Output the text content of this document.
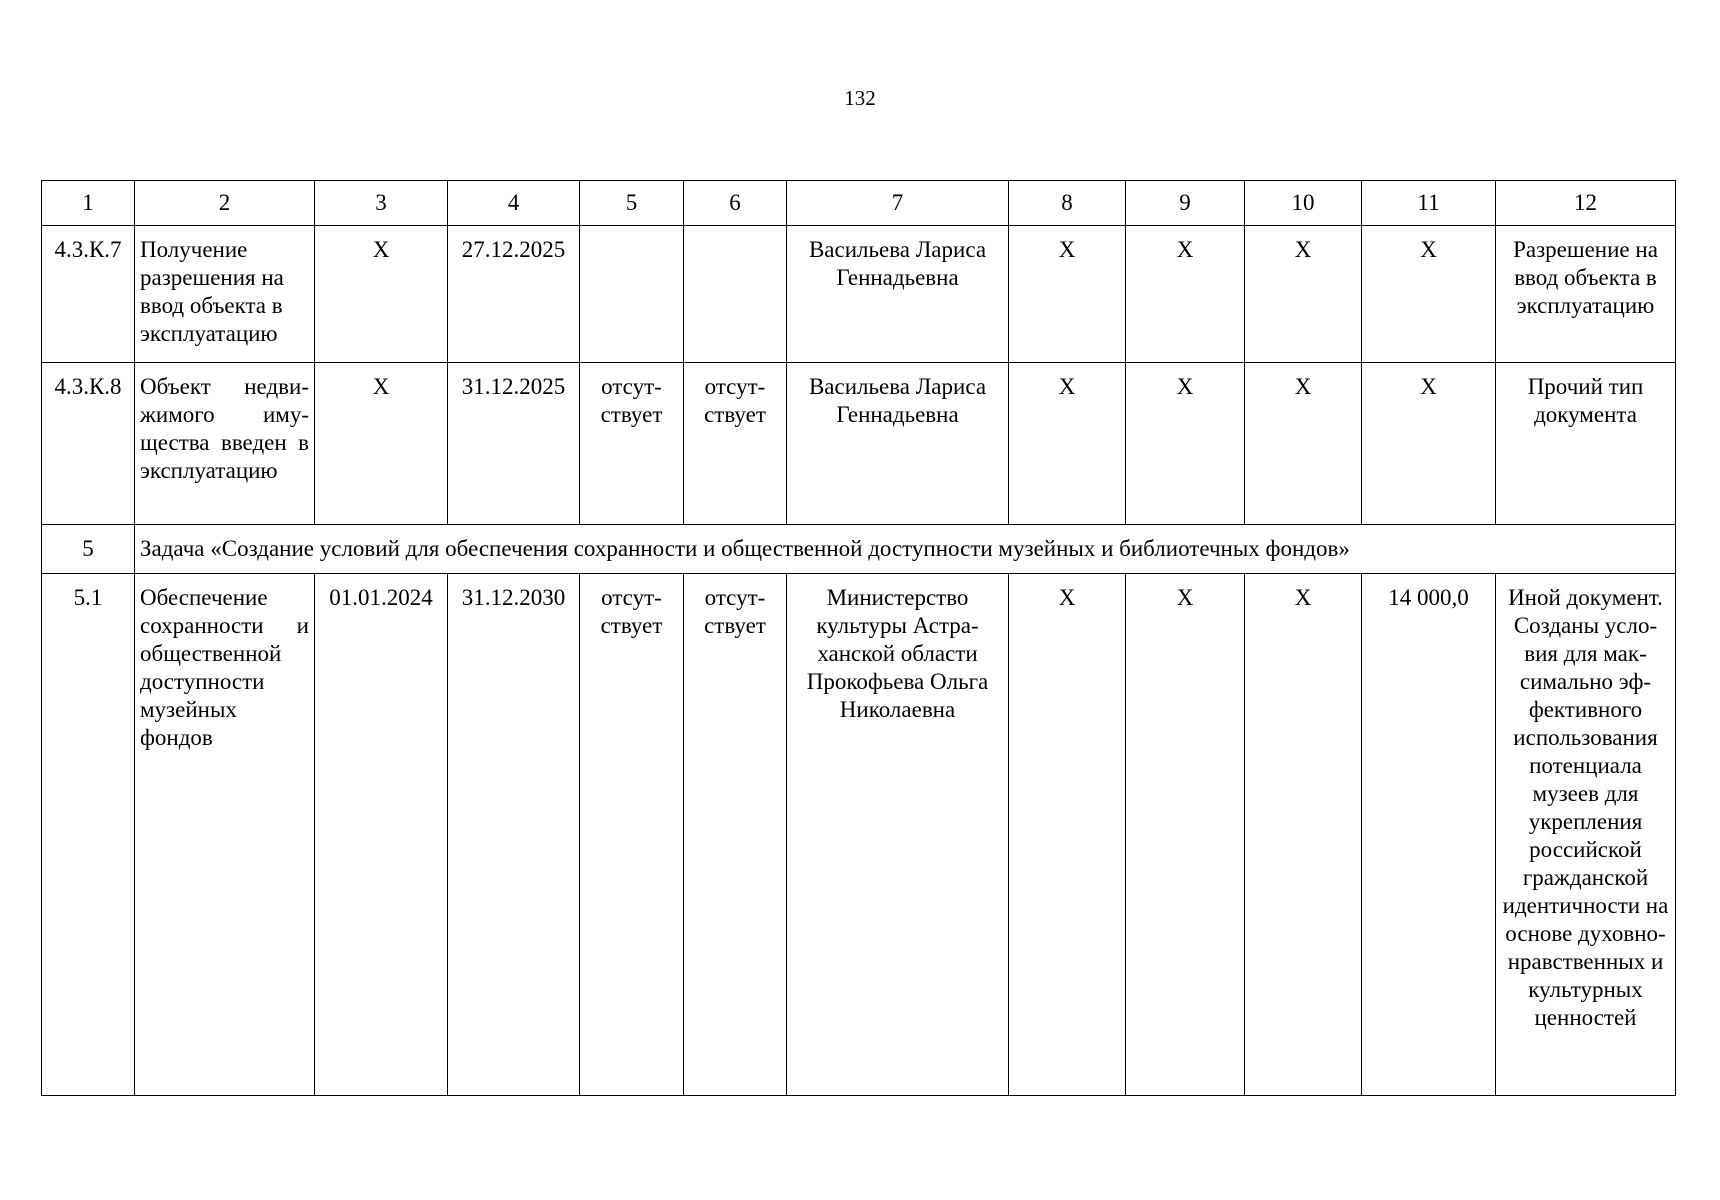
132
1	2	3	4	5	6	7	8	9	10	11	12
4.3.К.7	Получение разрешения на ввод объекта в эксплуатацию	Х	27.12.2025			Васильева Лариса Геннадьевна	Х	Х	Х	Х	Разрешение на ввод объекта в эксплуатацию
4.3.К.8	Объект недвижимого имущества введен в эксплуатацию	Х	31.12.2025	отсутствует	отсутствует	Васильева Лариса Геннадьевна	Х	Х	Х	Х	Прочий тип документа
5	Задача «Создание условий для обеспечения сохранности и общественной доступности музейных и библиотечных фондов»										
5.1	Обеспечение сохранности и общественной доступности музейных фондов	01.01.2024	31.12.2030	отсутствует	отсутствует	Министерство культуры Астраханской области Прокофьева Ольга Николаевна	Х	Х	Х	14 000,0	Иной документ. Созданы условия для максимально эффективного использования потенциала музеев для укрепления российской гражданской идентичности на основе духовно-нравственных и культурных ценностей
